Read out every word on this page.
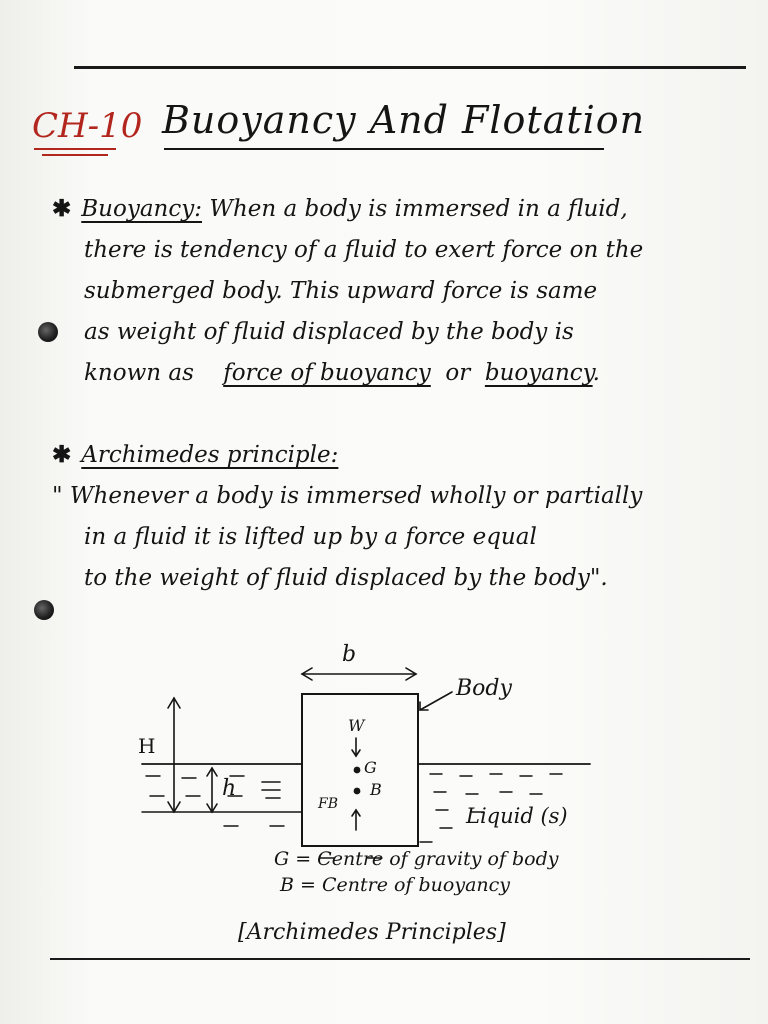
CH-10 Buoyancy And Flotation
✱ Buoyancy: When a body is immersed in a fluid,
there is tendency of a fluid to exert force on the
submerged body. This upward force is same
as weight of fluid displaced by the body is
known as force of buoyancy or buoyancy.
✱ Archimedes principle:
" Whenever a body is immersed wholly or partially
in a fluid it is lifted up by a force equal
to the weight of fluid displaced by the body".
b
H
h
Body
W
G
B
FB	Liquid (s)
G = Centre of gravity of body
B = Centre of buoyancy
[Archimedes Principles]
